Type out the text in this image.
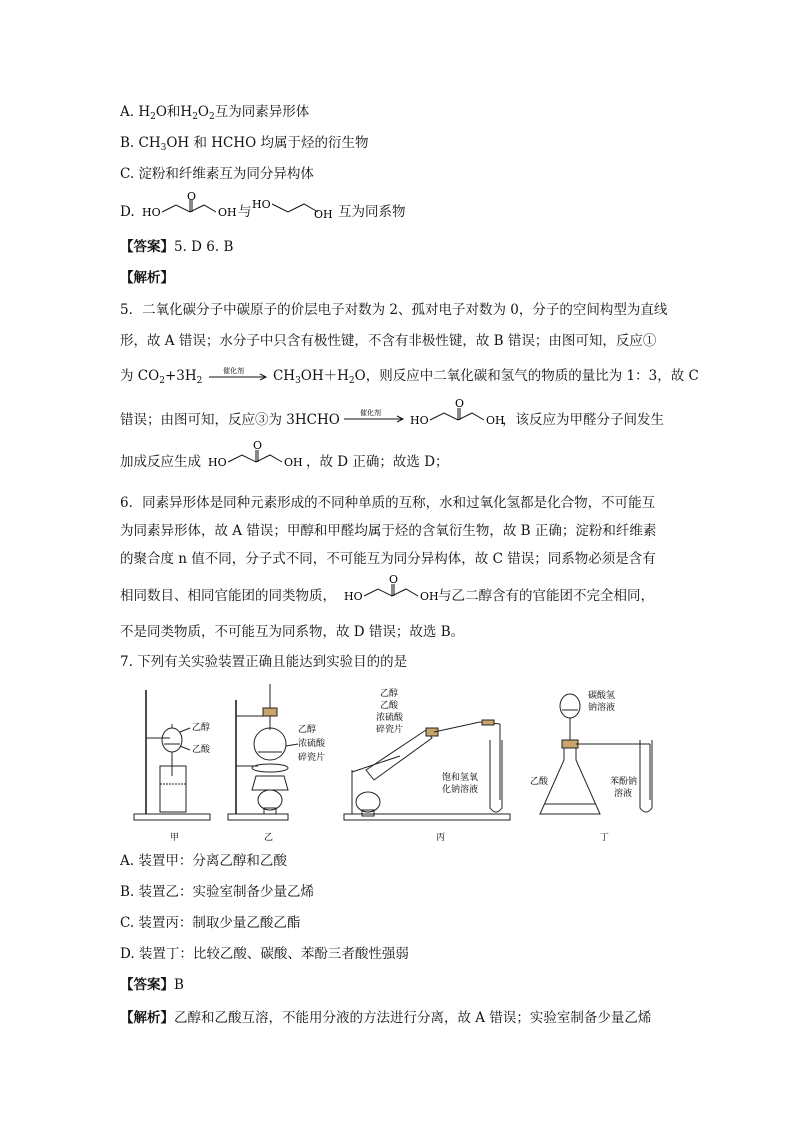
A. $H_2O$和$H_2O_2$互为同素异形体
B. $CH_3OH$ 和 HCHO 均属于烃的衍生物
C. 淀粉和纤维素互为同分异构体
D. HO
O
OH 与 HO
OH 互为同系物
【答案】5. D 6. B
【解析】
5．二氧化碳分子中碳原子的价层电子对数为 2、孤对电子对数为 0，分子的空间构型为直线
形，故 A 错误；水分子中只含有极性键，不含有非极性键，故 B 错误；由图可知，反应①
为 $CO_2+3H_2$
催化剂 $CH_3OH+H_2O$，则反应中二氧化碳和氢气的物质的量比为 1：3，故 C
错误；由图可知，反应③为 3HCHO	催化剂
HO
O
OH
，该反应为甲醛分子间发生
加成反应生成 HO
O
OH ，故 D 正确；故选 D；
6．同素异形体是同种元素形成的不同种单质的互称，水和过氧化氢都是化合物，不可能互
为同素异形体，故 A 错误；甲醇和甲醛均属于烃的含氧衍生物，故 B 正确；淀粉和纤维素
的聚合度 n 值不同，分子式不同，不可能互为同分异构体，故 C 错误；同系物必须是含有
相同数目、相同官能团的同类物质， HO
O
OH 与乙二醇含有的官能团不完全相同，
不是同类物质，不可能互为同系物，故 D 错误；故选 B。
7. 下列有关实验装置正确且能达到实验目的的是
乙醇
乙酸
甲
乙醇
浓硫酸
碎瓷片
乙
乙醇
乙酸
浓硫酸
碎瓷片
饱和氢氧
化钠溶液
丙
碳酸氢
钠溶液
乙酸	苯酚钠
溶液
丁
A. 装置甲：分离乙醇和乙酸
B. 装置乙：实验室制备少量乙烯
C. 装置丙：制取少量乙酸乙酯
D. 装置丁：比较乙酸、碳酸、苯酚三者酸性强弱
【答案】B
【解析】乙醇和乙酸互溶，不能用分液的方法进行分离，故 A 错误；实验室制备少量乙烯
